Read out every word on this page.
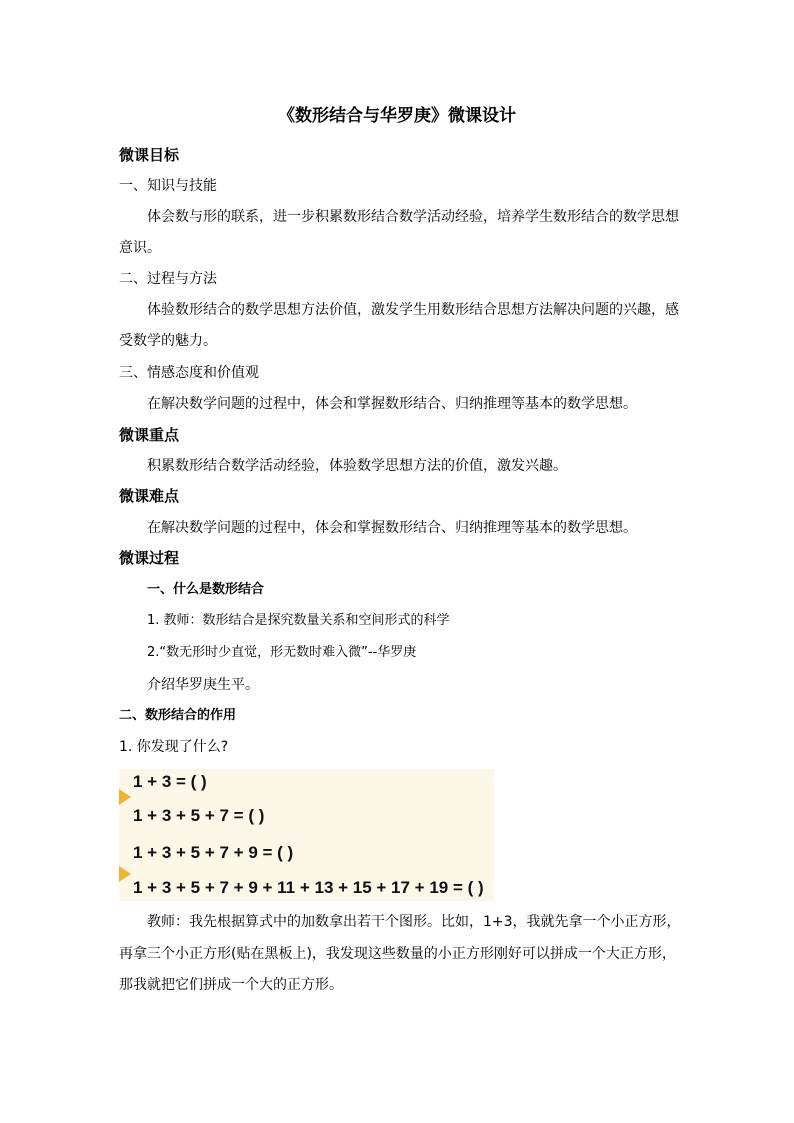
《数形结合与华罗庚》微课设计
微课目标
一、知识与技能
体会数与形的联系，进一步积累数形结合数学活动经验，培养学生数形结合的数学思想
意识。
二、过程与方法
体验数形结合的数学思想方法价值，激发学生用数形结合思想方法解决问题的兴趣，感
受数学的魅力。
三、情感态度和价值观
在解决数学问题的过程中，体会和掌握数形结合、归纳推理等基本的数学思想。
微课重点
积累数形结合数学活动经验，体验数学思想方法的价值，激发兴趣。
微课难点
在解决数学问题的过程中，体会和掌握数形结合、归纳推理等基本的数学思想。
微课过程
一、什么是数形结合
1. 教师：数形结合是探究数量关系和空间形式的科学
2.“数无形时少直觉，形无数时难入微”--华罗庚
介绍华罗庚生平。
二、数形结合的作用
1. 你发现了什么?
1 + 3 = ( )
1 + 3 + 5 + 7 = ( )
1 + 3 + 5 + 7 + 9 = ( )
1 + 3 + 5 + 7 + 9 + 11 + 13 + 15 + 17 + 19 = ( )
教师：我先根据算式中的加数拿出若干个图形。比如，1+3，我就先拿一个小正方形，
再拿三个小正方形(贴在黑板上)，我发现这些数量的小正方形刚好可以拼成一个大正方形，
那我就把它们拼成一个大的正方形。
